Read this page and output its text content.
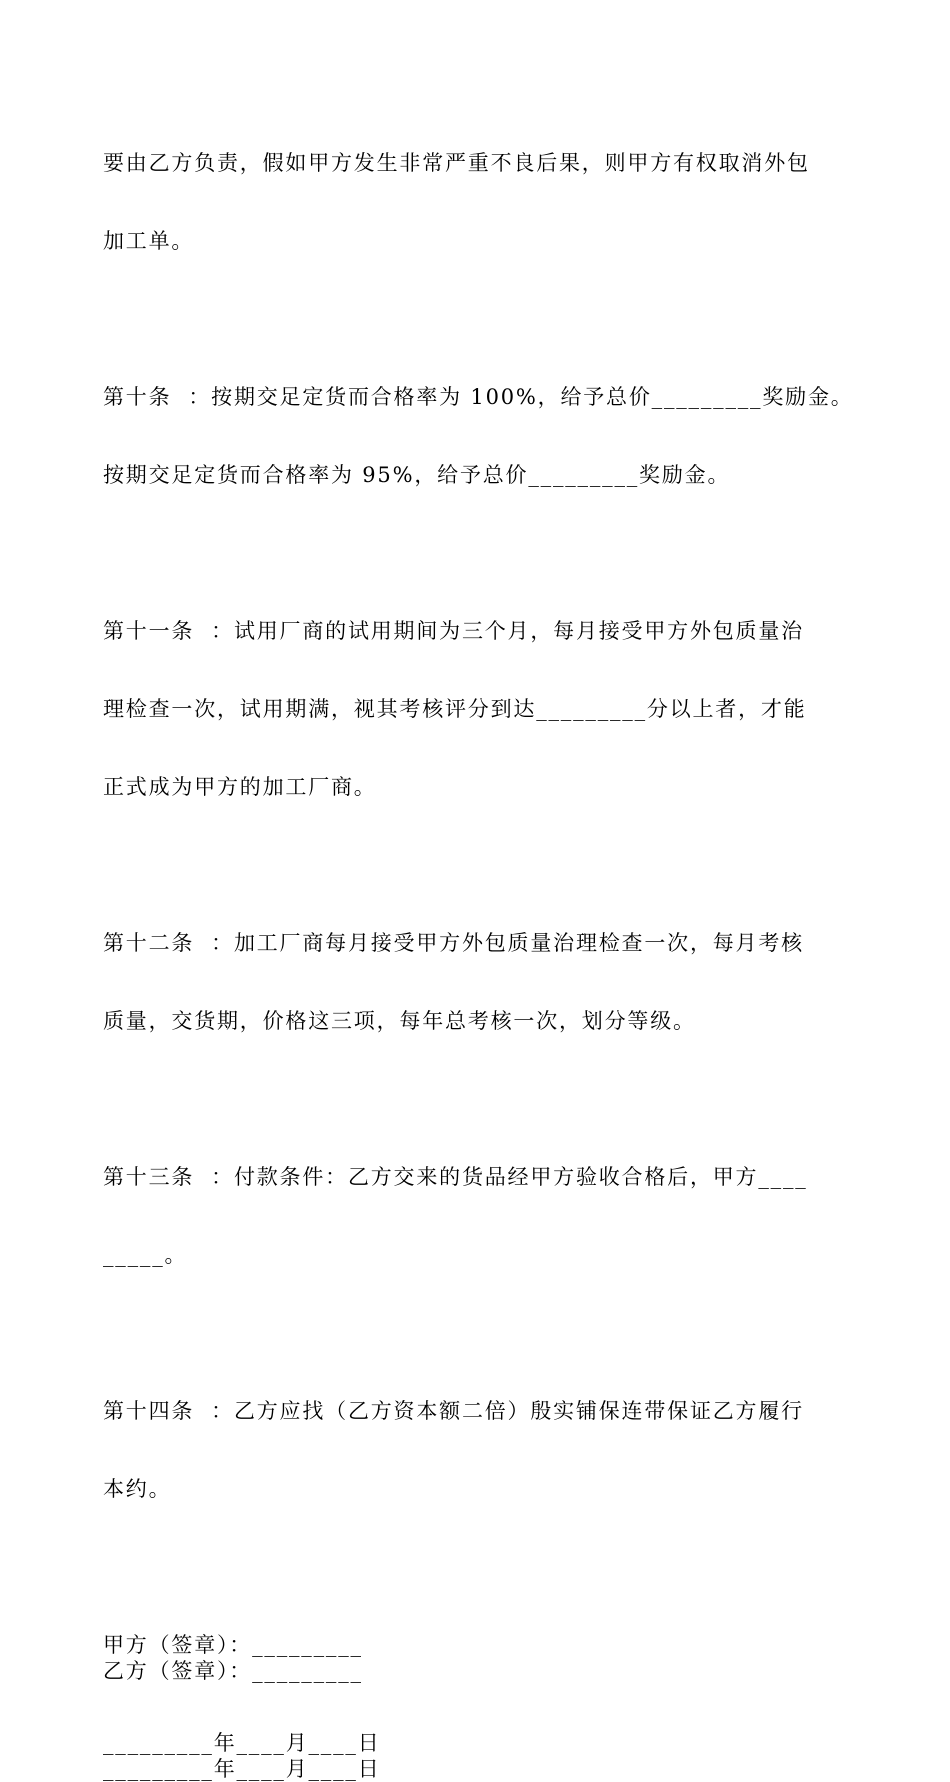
要由乙方负责，假如甲方发生非常严重不良后果，则甲方有权取消外包

加工单。

第十条  ：按期交足定货而合格率为 100%，给予总价_________奖励金。

按期交足定货而合格率为 95%，给予总价_________奖励金。

第十一条  ：试用厂商的试用期间为三个月，每月接受甲方外包质量治

理检查一次，试用期满，视其考核评分到达_________分以上者，才能

正式成为甲方的加工厂商。

第十二条  ：加工厂商每月接受甲方外包质量治理检查一次，每月考核

质量，交货期，价格这三项，每年总考核一次，划分等级。

第十三条  ：付款条件：乙方交来的货品经甲方验收合格后，甲方____

_____。

第十四条  ：乙方应找（乙方资本额二倍）殷实铺保连带保证乙方履行

本约。

甲方（签章）：_________
乙方（签章）：_________
_________年____月____日
_________年____月____日
